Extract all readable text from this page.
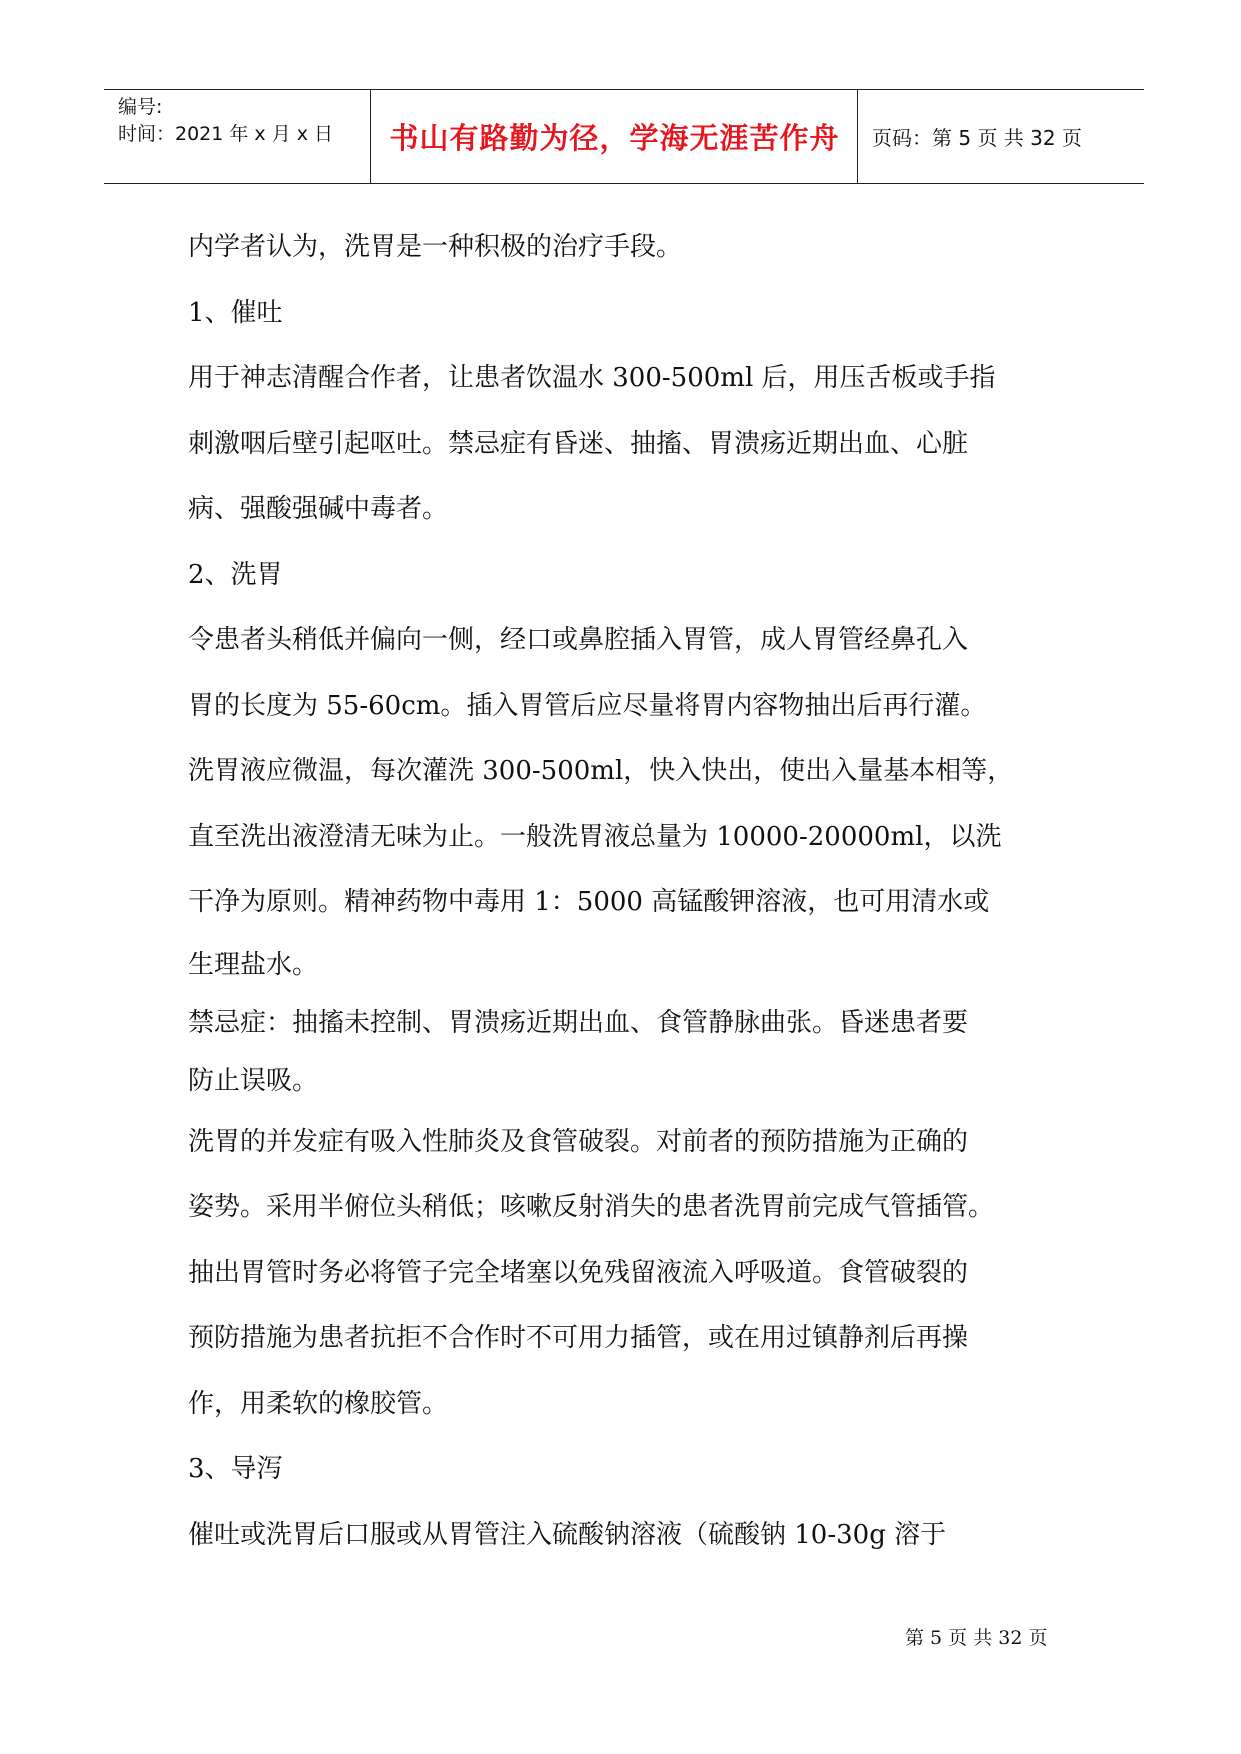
编号:
时间：2021 年 x 月 x 日	书山有路勤为径，学海无涯苦作舟	页码：第 5 页 共 32 页
内学者认为，洗胃是一种积极的治疗手段。
1、催吐
用于神志清醒合作者，让患者饮温水 300-500ml 后，用压舌板或手指
刺激咽后壁引起呕吐。禁忌症有昏迷、抽搐、胃溃疡近期出血、心脏
病、强酸强碱中毒者。
2、洗胃
令患者头稍低并偏向一侧，经口或鼻腔插入胃管，成人胃管经鼻孔入
胃的长度为 55-60cm。插入胃管后应尽量将胃内容物抽出后再行灌。
洗胃液应微温，每次灌洗 300-500ml，快入快出，使出入量基本相等，
直至洗出液澄清无味为止。一般洗胃液总量为 10000-20000ml，以洗
干净为原则。精神药物中毒用 1：5000 高锰酸钾溶液，也可用清水或
生理盐水。
禁忌症：抽搐未控制、胃溃疡近期出血、食管静脉曲张。昏迷患者要
防止误吸。
洗胃的并发症有吸入性肺炎及食管破裂。对前者的预防措施为正确的
姿势。采用半俯位头稍低；咳嗽反射消失的患者洗胃前完成气管插管。
抽出胃管时务必将管子完全堵塞以免残留液流入呼吸道。食管破裂的
预防措施为患者抗拒不合作时不可用力插管，或在用过镇静剂后再操
作，用柔软的橡胶管。
3、导泻
催吐或洗胃后口服或从胃管注入硫酸钠溶液（硫酸钠 10-30g 溶于
第 5 页 共 32 页
